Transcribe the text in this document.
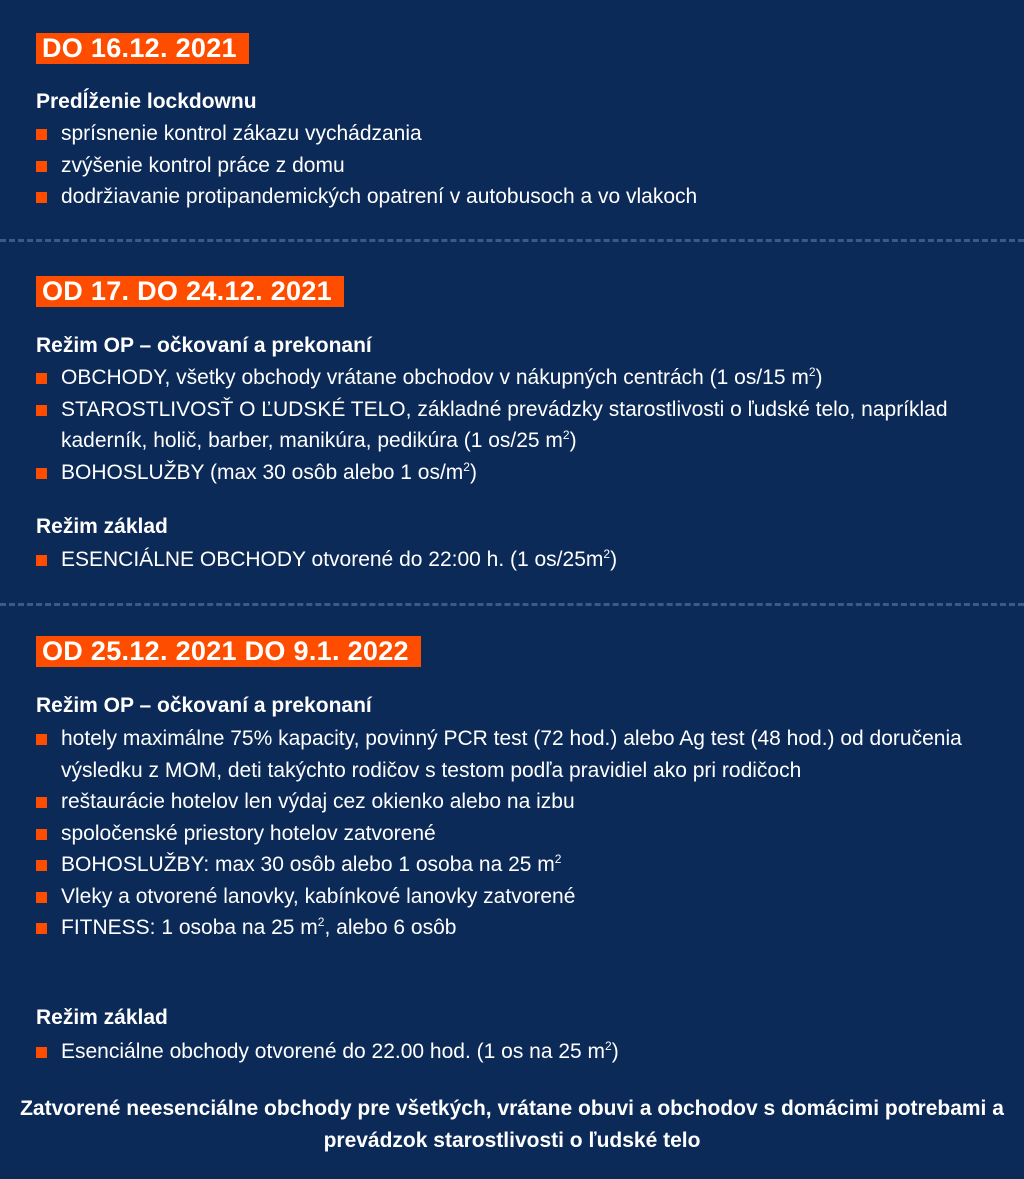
DO 16.12. 2021
Predĺženie lockdownu
sprísnenie kontrol zákazu vychádzania
zvýšenie kontrol práce z domu
dodržiavanie protipandemických opatrení v autobusoch a vo vlakoch
OD 17. DO 24.12. 2021
Režim OP – očkovaní a prekonaní
OBCHODY, všetky obchody vrátane obchodov v nákupných centrách (1 os/15 $m^2$)
STAROSTLIVOSŤ O ĽUDSKÉ TELO, základné prevádzky starostlivosti o ľudské telo, napríklad kaderník, holič, barber, manikúra, pedikúra (1 os/25 $m^2$)
BOHOSLUŽBY (max 30 osôb alebo 1 $os/m^2$)
Režim základ
ESENCIÁLNE OBCHODY otvorené do 22:00 h. (1 $os/25m^2$)
OD 25.12. 2021 DO 9.1. 2022
Režim OP – očkovaní a prekonaní
hotely maximálne 75% kapacity, povinný PCR test (72 hod.) alebo Ag test (48 hod.) od doručenia výsledku z MOM, deti takýchto rodičov s testom podľa pravidiel ako pri rodičoch
reštaurácie hotelov len výdaj cez okienko alebo na izbu
spoločenské priestory hotelov zatvorené
BOHOSLUŽBY: max 30 osôb alebo 1 osoba na 25 $m^2$
Vleky a otvorené lanovky, kabínkové lanovky zatvorené
FITNESS: 1 osoba na 25 $m^2$, alebo 6 osôb
Režim základ
Esenciálne obchody otvorené do 22.00 hod. (1 os na 25 $m^2$)
Zatvorené neesenciálne obchody pre všetkých, vrátane obuvi a obchodov s domácimi potrebami a prevádzok starostlivosti o ľudské telo
